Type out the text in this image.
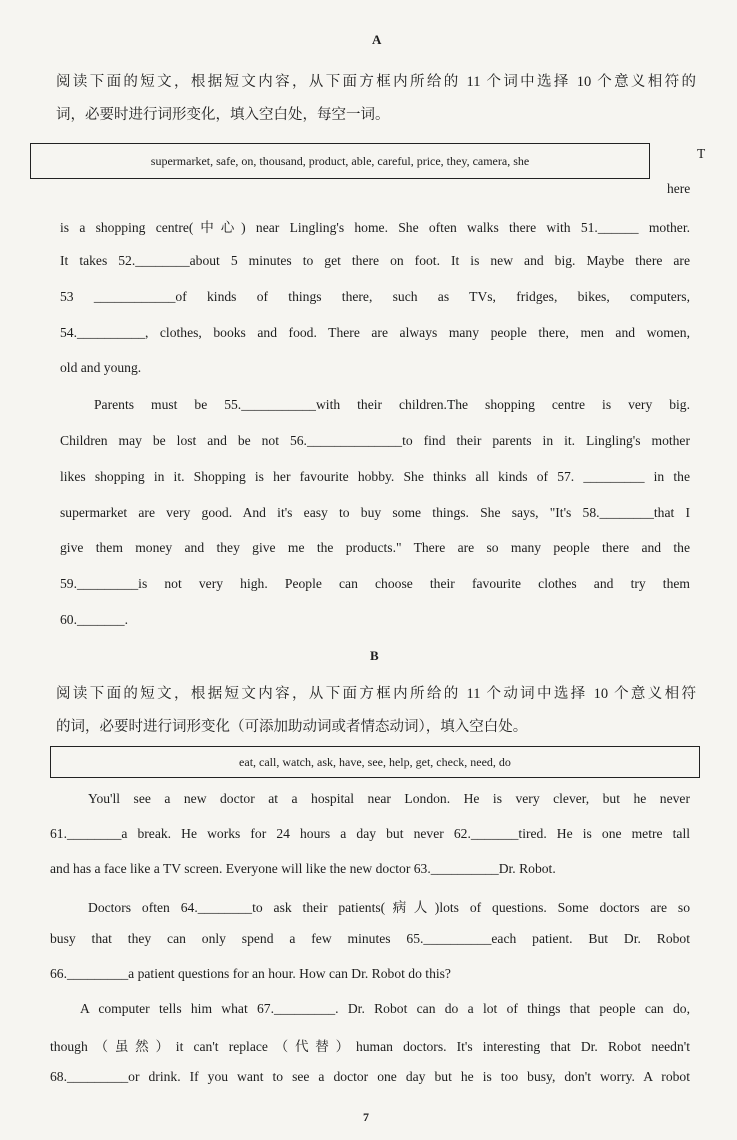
A
阅读下面的短文，根据短文内容，从下面方框内所给的 11 个词中选择 10 个意义相符的
词，必要时进行词形变化，填入空白处，每空一词。
supermarket, safe, on, thousand, product, able, careful, price, they, camera, she	T
here
is a shopping centre(中心) near Lingling's home. She often walks there with 51.______ mother.
It takes 52.________about 5 minutes to get there on foot. It is new and big. Maybe there are
53 ____________of kinds of things there, such as TVs, fridges, bikes, computers,
54.__________, clothes, books and food. There are always many people there, men and women,
old and young.
Parents must be 55.___________with their children.The shopping centre is very big.
Children may be lost and be not 56.______________to find their parents in it. Lingling's mother
likes shopping in it. Shopping is her favourite hobby. She thinks all kinds of 57. _________ in the
supermarket are very good. And it's easy to buy some things. She says, "It's 58.________that I
give them money and they give me the products." There are so many people there and the
59._________is not very high. People can choose their favourite clothes and try them
60._______.
B
阅读下面的短文，根据短文内容，从下面方框内所给的 11 个动词中选择 10 个意义相符
的词，必要时进行词形变化（可添加助动词或者情态动词），填入空白处。
eat, call, watch, ask, have, see, help, get, check, need, do
You'll see a new doctor at a hospital near London. He is very clever, but he never
61.________a break. He works for 24 hours a day but never 62._______tired. He is one metre tall
and has a face like a TV screen. Everyone will like the new doctor 63.__________Dr. Robot.
Doctors often 64.________to ask their patients(病人)lots of questions. Some doctors are so
busy that they can only spend a few minutes 65.__________each patient. But Dr. Robot
66._________a patient questions for an hour. How can Dr. Robot do this?
A computer tells him what 67._________. Dr. Robot can do a lot of things that people can do,
though（虽然）it can't replace（代替）human doctors. It's interesting that Dr. Robot needn't
68._________or drink. If you want to see a doctor one day but he is too busy, don't worry. A robot
7
